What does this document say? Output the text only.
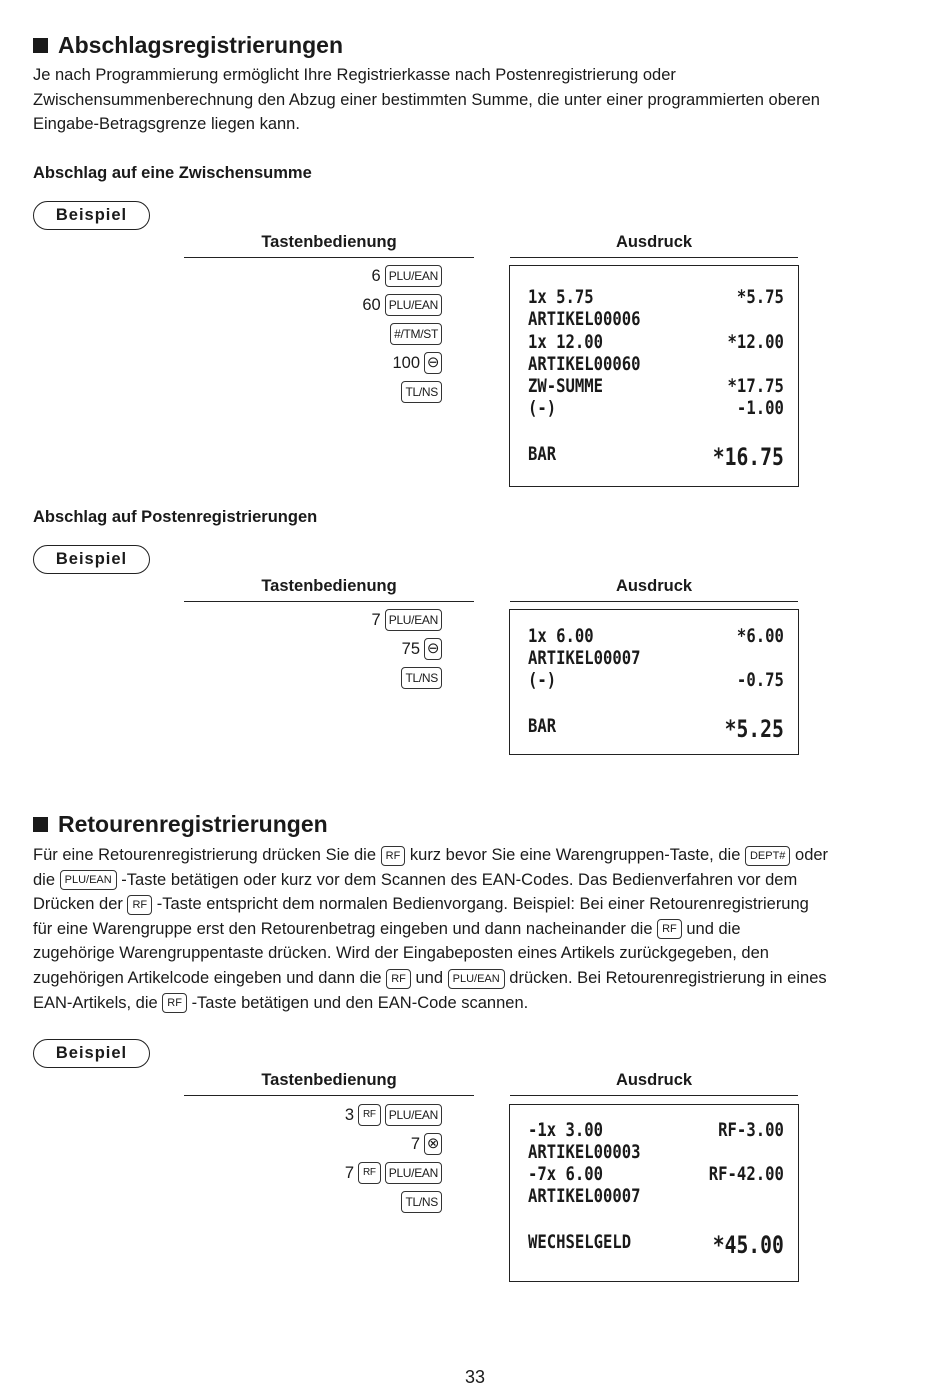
Abschlagsregistrierungen
Je nach Programmierung ermöglicht Ihre Registrierkasse nach Postenregistrierung oder
Zwischensummenberechnung den Abzug einer bestimmten Summe, die unter einer programmierten oberen
Eingabe-Betragsgrenze liegen kann.
Abschlag auf eine Zwischensumme
Beispiel
Tastenbedienung	Ausdruck
6 PLU/EAN
60 PLU/EAN
#/TM/ST
100 ⊖
TL/NS
1x 5.75	*5.75
ARTIKEL00006
1x 12.00	*12.00
ARTIKEL00060
ZW-SUMME	*17.75
(-)	-1.00
BAR	*16.75
Abschlag auf Postenregistrierungen
Beispiel
Tastenbedienung	Ausdruck
7 PLU/EAN
75 ⊖
TL/NS
1x 6.00	*6.00
ARTIKEL00007
(-)	-0.75
BAR	*5.25
Retourenregistrierungen
Für eine Retourenregistrierung drücken Sie die RF kurz bevor Sie eine Warengruppen-Taste, die DEPT# oder
die PLU/EAN -Taste betätigen oder kurz vor dem Scannen des EAN-Codes. Das Bedienverfahren vor dem
Drücken der RF -Taste entspricht dem normalen Bedienvorgang. Beispiel: Bei einer Retourenregistrierung
für eine Warengruppe erst den Retourenbetrag eingeben und dann nacheinander die RF und die
zugehörige Warengruppentaste drücken. Wird der Eingabeposten eines Artikels zurückgegeben, den
zugehörigen Artikelcode eingeben und dann die RF und PLU/EAN drücken. Bei Retourenregistrierung in eines
EAN-Artikels, die RF -Taste betätigen und den EAN-Code scannen.
Beispiel
Tastenbedienung	Ausdruck
3 RF	PLU/EAN
7 ⊗
7 RF	PLU/EAN
TL/NS
-1x 3.00	RF-3.00
ARTIKEL00003
-7x 6.00	RF-42.00
ARTIKEL00007
WECHSELGELD	*45.00
33
